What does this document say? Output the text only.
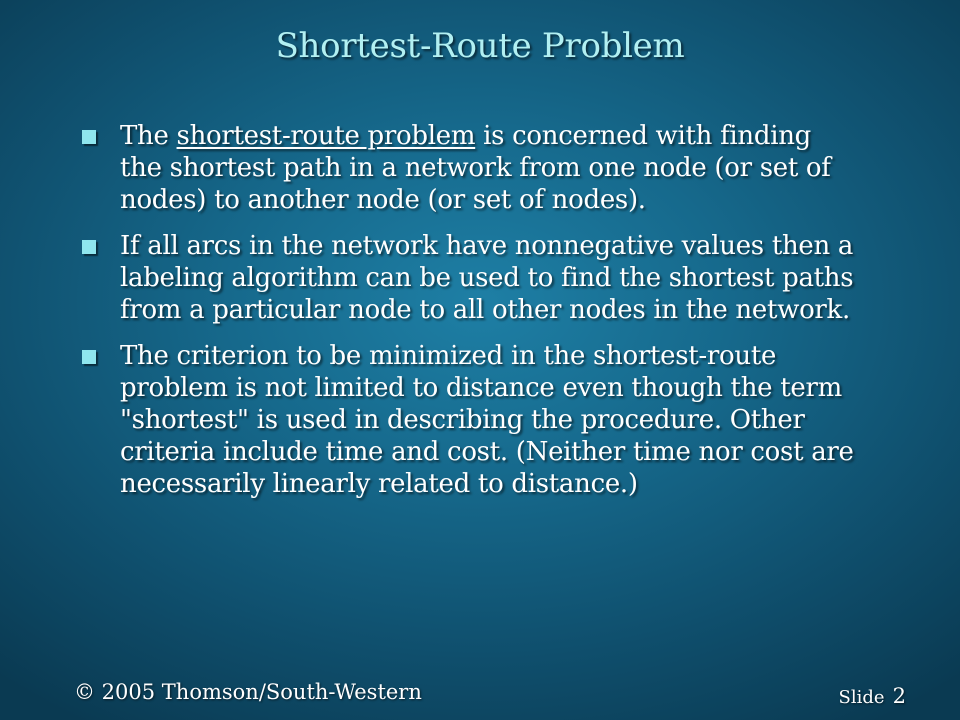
Shortest-Route Problem
The shortest-route problem is concerned with finding the shortest path in a network from one node (or set of nodes) to another node (or set of nodes).
If all arcs in the network have nonnegative values then a labeling algorithm can be used to find the shortest paths from a particular node to all other nodes in the network.
The criterion to be minimized in the shortest-route problem is not limited to distance even though the term "shortest" is used in describing the procedure. Other criteria include time and cost. (Neither time nor cost are necessarily linearly related to distance.)
© 2005 Thomson/South-Western	Slide 2
